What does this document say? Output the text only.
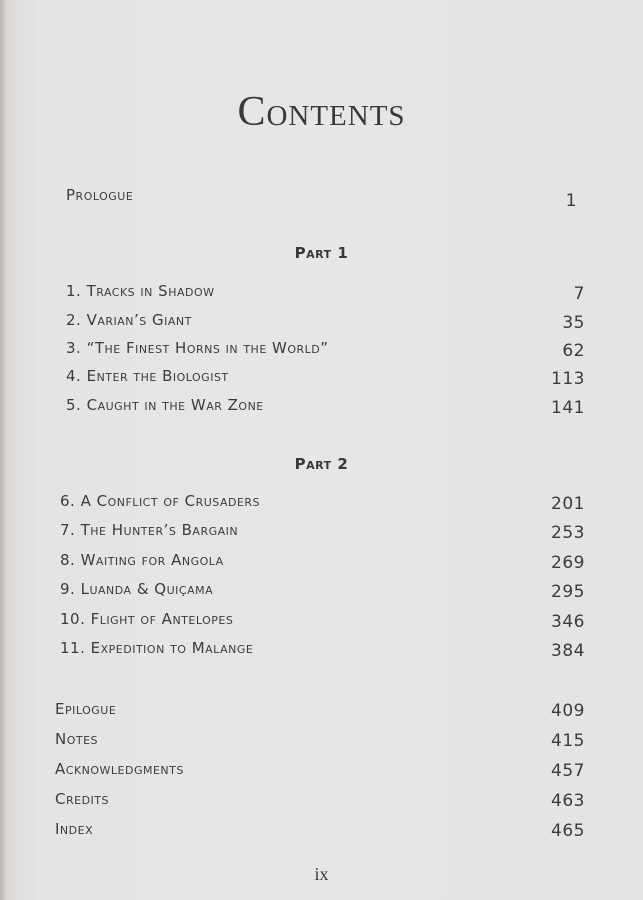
Contents
Prologue	1
Part 1
1. Tracks in Shadow	7
2. Varian’s Giant	35
3. “The Finest Horns in the World”	62
4. Enter the Biologist	113
5. Caught in the War Zone	141
Part 2
6. A Conflict of Crusaders	201
7. The Hunter’s Bargain	253
8. Waiting for Angola	269
9. Luanda & Quiçama	295
10. Flight of Antelopes	346
11. Expedition to Malange	384
Epilogue	409
Notes	415
Acknowledgments	457
Credits	463
Index	465
ix
